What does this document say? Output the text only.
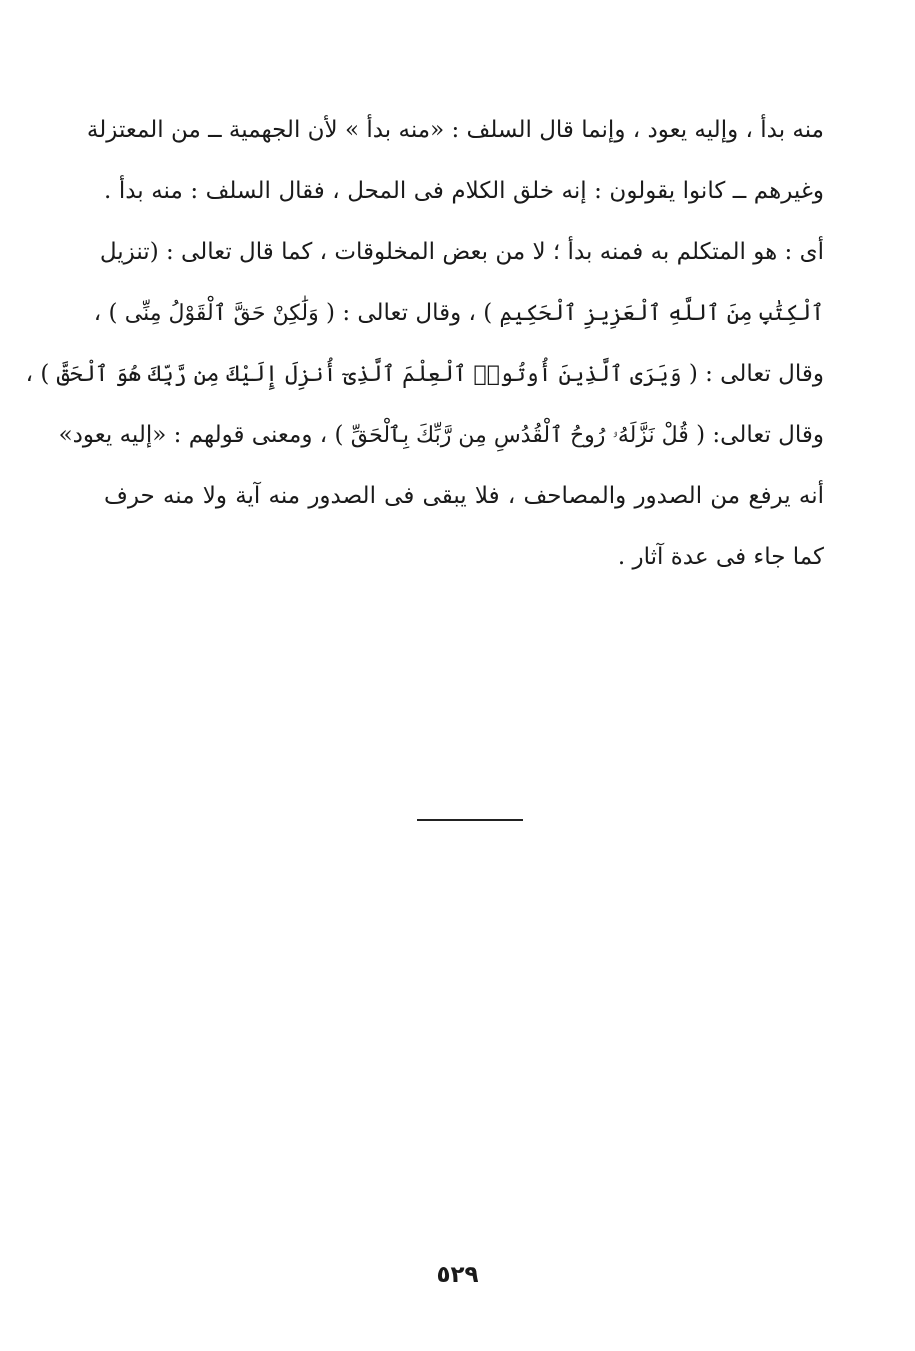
منه بدأ ، وإليه يعود ، وإنما قال السلف : «منه بدأ » لأن الجهمية ــ من المعتزلة
وغيرهم ــ كانوا يقولون : إنه خلق الكلام فى المحل ، فقال السلف : منه بدأ .
أى : هو المتكلم به فمنه بدأ ؛ لا من بعض المخلوقات ، كما قال تعالى : (تنزيل
ٱلْكِتَٰبِ مِنَ ٱللَّهِ ٱلْعَزِيزِ ٱلْحَكِيمِ ) ، وقال تعالى : ( وَلَٰكِنْ حَقَّ ٱلْقَوْلُ مِنِّى ) ،
وقال تعالى : ( وَيَرَى ٱلَّذِينَ أُوتُوا۟ ٱلْعِلْمَ ٱلَّذِىٓ أُنزِلَ إِلَيْكَ مِن رَّبِّكَ هُوَ ٱلْحَقَّ ) ،
وقال تعالى: ( قُلْ نَزَّلَهُۥ رُوحُ ٱلْقُدُسِ مِن رَّبِّكَ بِٱلْحَقِّ ) ، ومعنى قولهم : «إليه يعود»
أنه يرفع من الصدور والمصاحف ، فلا يبقى فى الصدور منه آية ولا منه حرف
كما جاء فى عدة آثار .
٥٢٩
